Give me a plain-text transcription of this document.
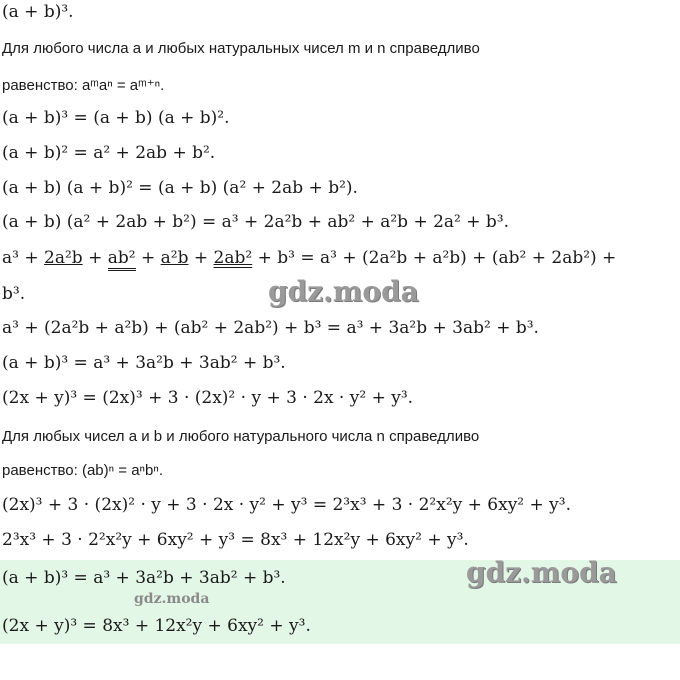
(a + b)³.
Для любого числа a и любых натуральных чисел m и n справедливо
равенство: aᵐaⁿ = aᵐ⁺ⁿ.
(a + b)³ = (a + b) (a + b)².
(a + b)² = a² + 2ab + b².
(a + b) (a + b)² = (a + b) (a² + 2ab + b²).
(a + b) (a² + 2ab + b²) = a³ + 2a²b + ab² + a²b + 2a² + b³.
a³ + 2a²b + ab² + a²b + 2ab² + b³ = a³ + (2a²b + a²b) + (ab² + 2ab²) +
b³.
a³ + (2a²b + a²b) + (ab² + 2ab²) + b³ = a³ + 3a²b + 3ab² + b³.
(a + b)³ = a³ + 3a²b + 3ab² + b³.
(2x + y)³ = (2x)³ + 3 · (2x)² · y + 3 · 2x · y² + y³.
Для любых чисел a и b и любого натурального числа n справедливо
равенство: (ab)ⁿ = aⁿbⁿ.
(2x)³ + 3 · (2x)² · y + 3 · 2x · y² + y³ = 2³x³ + 3 · 2²x²y + 6xy² + y³.
2³x³ + 3 · 2²x²y + 6xy² + y³ = 8x³ + 12x²y + 6xy² + y³.
(a + b)³ = a³ + 3a²b + 3ab² + b³.
(2x + y)³ = 8x³ + 12x²y + 6xy² + y³.
gdz.moda
gdz.moda
gdz.moda
